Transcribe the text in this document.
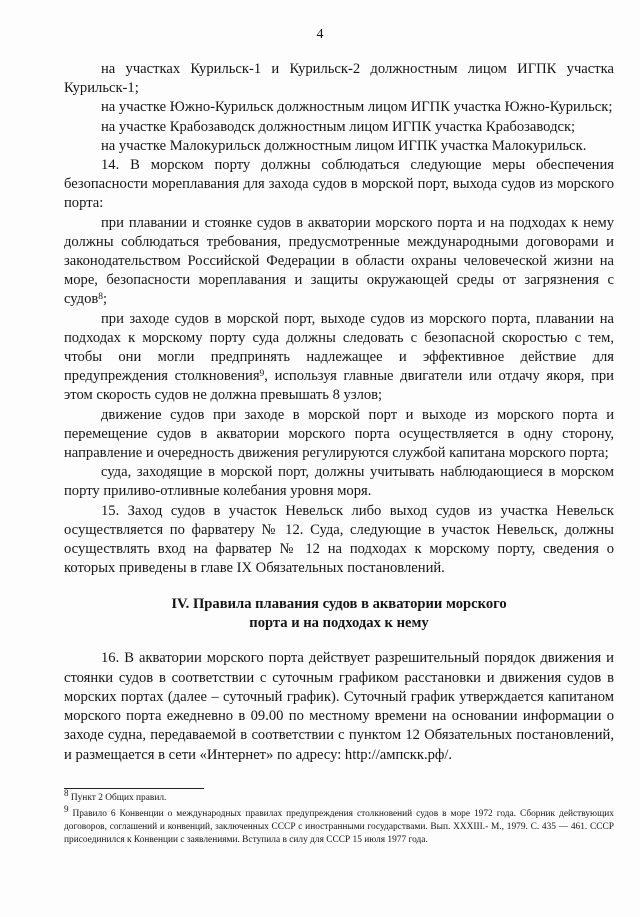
4

на участках Курильск-1 и Курильск-2 должностным лицом ИГПК участка Курильск-1;

на участке Южно-Курильск должностным лицом ИГПК участка Южно-Курильск;

на участке Крабозаводск должностным лицом ИГПК участка Крабозаводск;

на участке Малокурильск должностным лицом ИГПК участка Малокурильск.

14. В морском порту должны соблюдаться следующие меры обеспечения безопасности мореплавания для захода судов в морской порт, выхода судов из морского порта:

при плавании и стоянке судов в акватории морского порта и на подходах к нему должны соблюдаться требования, предусмотренные международными договорами и законодательством Российской Федерации в области охраны человеческой жизни на море, безопасности мореплавания и защиты окружающей среды от загрязнения с судов$^8$;

при заходе судов в морской порт, выходе судов из морского порта, плавании на подходах к морскому порту суда должны следовать с безопасной скоростью с тем, чтобы они могли предпринять надлежащее и эффективное действие для предупреждения столкновения$^9$, используя главные двигатели или отдачу якоря, при этом скорость судов не должна превышать 8 узлов;

движение судов при заходе в морской порт и выходе из морского порта и перемещение судов в акватории морского порта осуществляется в одну сторону, направление и очередность движения регулируются службой капитана морского порта;

суда, заходящие в морской порт, должны учитывать наблюдающиеся в морском порту приливо-отливные колебания уровня моря.

15. Заход судов в участок Невельск либо выход судов из участка Невельск осуществляется по фарватеру № 12. Суда, следующие в участок Невельск, должны осуществлять вход на фарватер № 12 на подходах к морскому порту, сведения о которых приведены в главе IX Обязательных постановлений.

IV. Правила плавания судов в акватории морского
порта и на подходах к нему

16. В акватории морского порта действует разрешительный порядок движения и стоянки судов в соответствии с суточным графиком расстановки и движения судов в морских портах (далее – суточный график). Суточный график утверждается капитаном морского порта ежедневно в 09.00 по местному времени на основании информации о заходе судна, передаваемой в соответствии с пунктом 12 Обязательных постановлений, и размещается в сети «Интернет» по адресу: http://ампскк.рф/.

$^8$ Пункт 2 Общих правил.

$^9$ Правило 6 Конвенции о международных правилах предупреждения столкновений судов в море 1972 года. Сборник действующих договоров, соглашений и конвенций, заключенных СССР с иностранными государствами. Вып. XXXIII.- М., 1979. С. 435 — 461. СССР присоединился к Конвенции с заявлениями. Вступила в силу для СССР 15 июля 1977 года.
